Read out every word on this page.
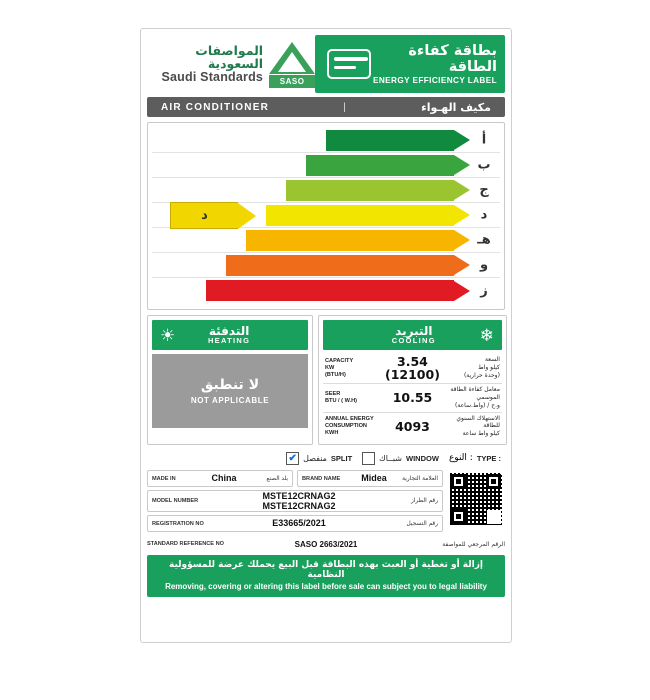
المواصفات السعودية
Saudi Standards	SASO
بطاقة كفاءة الطاقة
ENERGY EFFICIENCY LABEL
AIR CONDITIONER	|	مكيف الهـواء
أ
ب
ج
د
هـ
و
ز
د
☀	التدفئة
HEATING
لا تنطبق
NOT APPLICABLE
التبريد
COOLING	❄
CAPACITY
KW
(BTU/H)
3.54
(12100)
السعة
كيلو واط
(وحدة حرارية)
SEER
BTU / ( W.H)	10.55
معامل كفاءة الطاقة الموسمي
و.ح / (واط.ساعة)
ANNUAL ENERGY CONSUMPTION
KWH	4093
الاستهلاك السنوي للطاقة
كيلو واط ساعة
✔ منفصل SPLIT	شبــاك WINDOW النوع : TYPE :
MADE IN	China	بلد الصنع	BRAND NAME	Midea	العلامة التجارية
MODEL NUMBER
MSTE12CRNAG2
MSTE12CRNAG2	رقم الطراز
REGISTRATION NO	E33665/2021	رقم التسجيل
STANDARD REFERENCE NO	SASO 2663/2021	الرقم المرجعي للمواصفة
إزالة أو تغطية أو العبث بهذه البطاقة قبل البيع يحملك عرضة للمسؤولية النظامية
Removing, covering or altering this label before sale can subject you to legal liability
